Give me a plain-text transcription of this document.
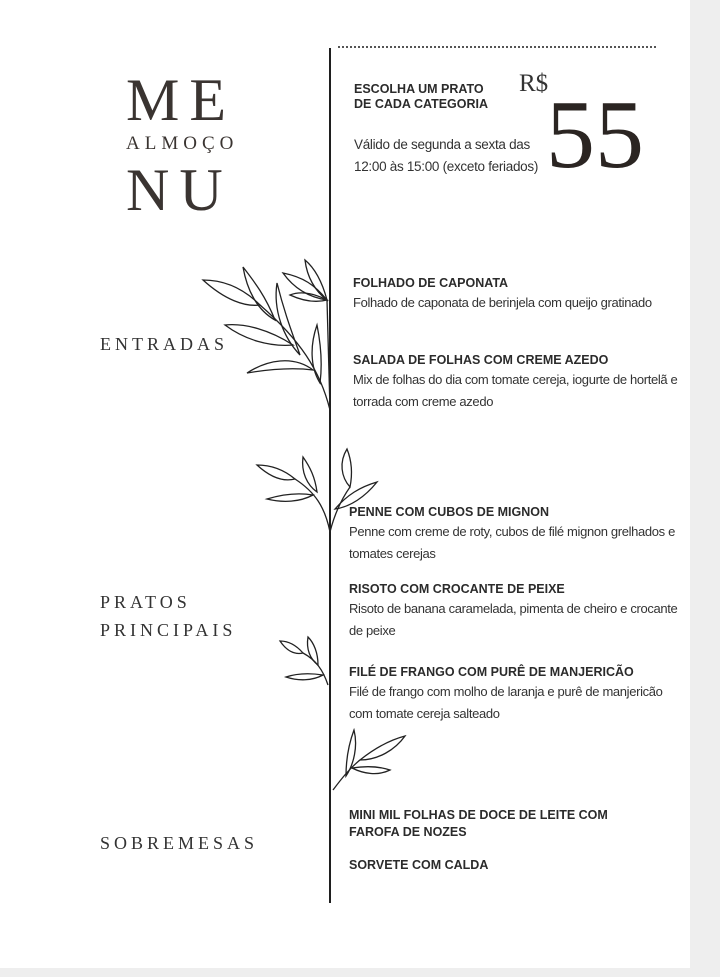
ME
ALMOÇO
NU
ESCOLHA UM PRATO DE CADA CATEGORIA
Válido de segunda a sexta das
12:00 às 15:00 (exceto feriados)
R$
55
ENTRADAS
PRATOS
PRINCIPAIS
SOBREMESAS
FOLHADO DE CAPONATA
Folhado de caponata de berinjela com queijo gratinado
SALADA DE FOLHAS COM CREME AZEDO
Mix de folhas do dia com tomate cereja, iogurte de hortelã e torrada com creme azedo
PENNE COM CUBOS DE MIGNON
Penne com creme de roty, cubos de filé mignon grelhados e tomates cerejas
RISOTO COM CROCANTE DE PEIXE
Risoto de banana caramelada, pimenta de cheiro e crocante de peixe
FILÉ DE FRANGO COM PURÊ DE MANJERICÃO
Filé de frango com molho de laranja e purê de manjericão com tomate cereja salteado
MINI MIL FOLHAS DE DOCE DE LEITE COM FAROFA DE NOZES
SORVETE COM CALDA
